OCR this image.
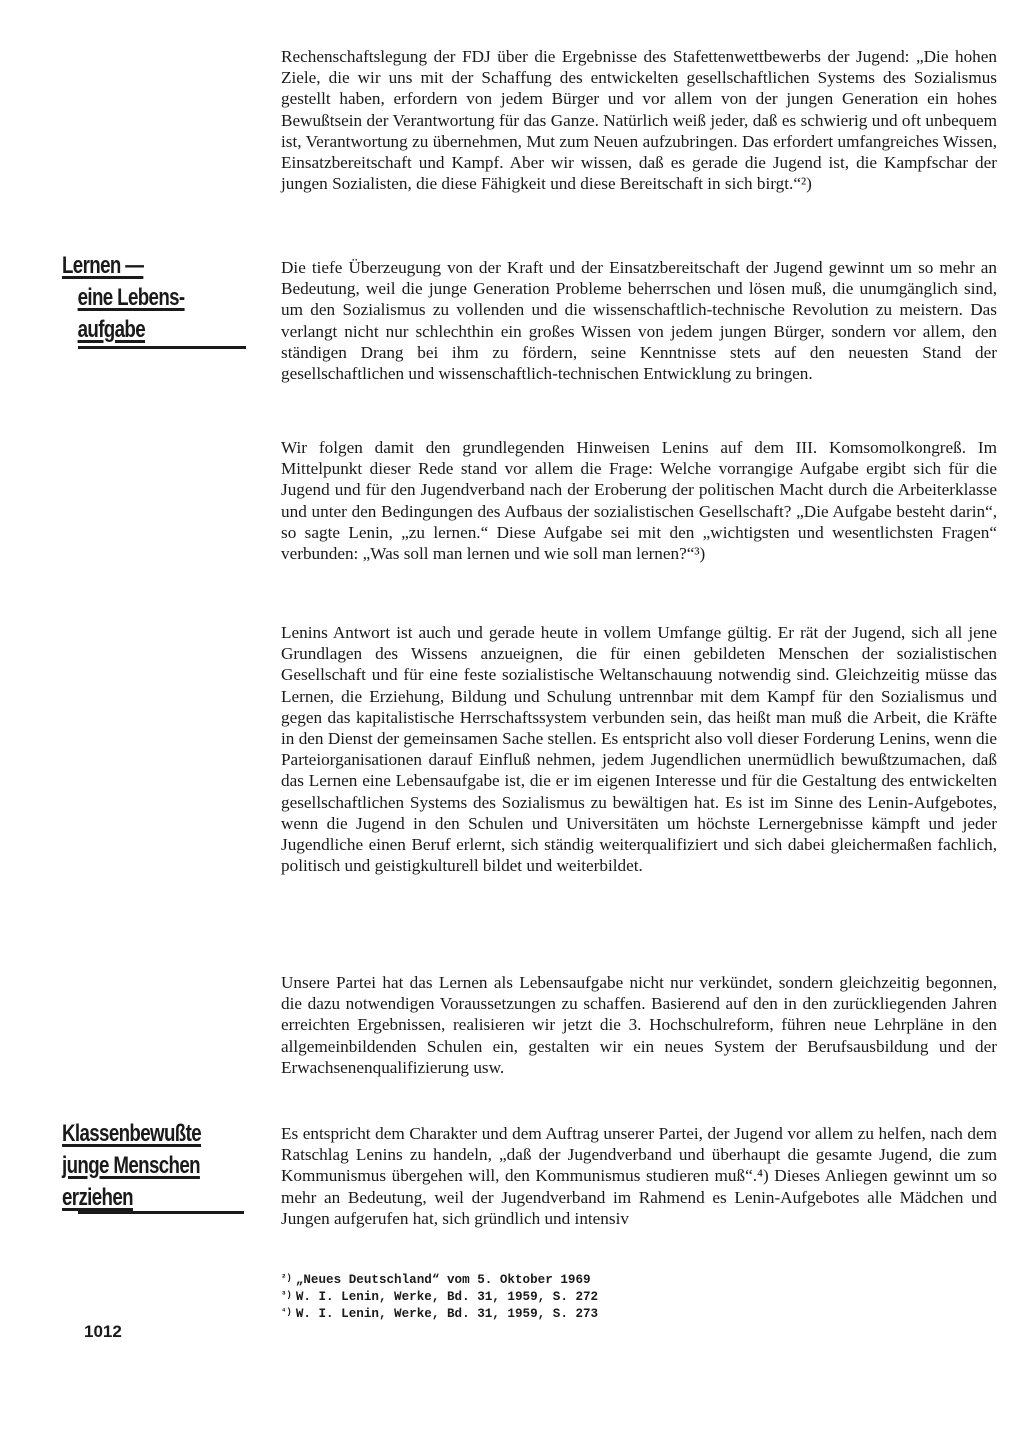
Rechenschaftslegung der FDJ über die Ergebnisse des Stafettenwettbewerbs der Jugend: „Die hohen Ziele, die wir uns mit der Schaffung des entwickelten gesellschaftlichen Systems des Sozialismus gestellt haben, erfordern von jedem Bürger und vor allem von der jungen Generation ein hohes Bewußtsein der Verantwortung für das Ganze. Natürlich weiß jeder, daß es schwierig und oft unbequem ist, Verantwortung zu übernehmen, Mut zum Neuen aufzubringen. Das erfordert umfangreiches Wissen, Einsatzbereitschaft und Kampf. Aber wir wissen, daß es gerade die Jugend ist, die Kampfschar der jungen Sozialisten, die diese Fähigkeit und diese Bereitschaft in sich birgt.“²)

Die tiefe Überzeugung von der Kraft und der Einsatzbereitschaft der Jugend gewinnt um so mehr an Bedeutung, weil die junge Generation Probleme beherrschen und lösen muß, die unumgänglich sind, um den Sozialismus zu vollenden und die wissenschaftlich-technische Revolution zu meistern. Das verlangt nicht nur schlechthin ein großes Wissen von jedem jungen Bürger, sondern vor allem, den ständigen Drang bei ihm zu fördern, seine Kenntnisse stets auf den neuesten Stand der gesellschaftlichen und wissenschaftlich-technischen Entwicklung zu bringen.

Wir folgen damit den grundlegenden Hinweisen Lenins auf dem III. Komsomolkongreß. Im Mittelpunkt dieser Rede stand vor allem die Frage: Welche vorrangige Aufgabe ergibt sich für die Jugend und für den Jugendverband nach der Eroberung der politischen Macht durch die Arbeiterklasse und unter den Bedingungen des Aufbaus der sozialistischen Gesellschaft? „Die Aufgabe besteht darin“, so sagte Lenin, „zu lernen.“ Diese Aufgabe sei mit den „wichtigsten und wesentlichsten Fragen“ verbunden: „Was soll man lernen und wie soll man lernen?“³)

Lenins Antwort ist auch und gerade heute in vollem Umfange gültig. Er rät der Jugend, sich all jene Grundlagen des Wissens anzueignen, die für einen gebildeten Menschen der sozialistischen Gesellschaft und für eine feste sozialistische Weltanschauung notwendig sind. Gleichzeitig müsse das Lernen, die Erziehung, Bildung und Schulung untrennbar mit dem Kampf für den Sozialismus und gegen das kapitalistische Herrschaftssystem verbunden sein, das heißt man muß die Arbeit, die Kräfte in den Dienst der gemeinsamen Sache stellen. Es entspricht also voll dieser Forderung Lenins, wenn die Parteiorganisationen darauf Einfluß nehmen, jedem Jugendlichen unermüdlich bewußtzumachen, daß das Lernen eine Lebensaufgabe ist, die er im eigenen Interesse und für die Gestaltung des entwickelten gesellschaftlichen Systems des Sozialismus zu bewältigen hat. Es ist im Sinne des Lenin-Aufgebotes, wenn die Jugend in den Schulen und Universitäten um höchste Lernergebnisse kämpft und jeder Jugendliche einen Beruf erlernt, sich ständig weiterqualifiziert und sich dabei gleichermaßen fachlich, politisch und geistigkulturell bildet und weiterbildet.

Unsere Partei hat das Lernen als Lebensaufgabe nicht nur verkündet, sondern gleichzeitig begonnen, die dazu notwendigen Voraussetzungen zu schaffen. Basierend auf den in den zurückliegenden Jahren erreichten Ergebnissen, realisieren wir jetzt die 3. Hochschulreform, führen neue Lehrpläne in den allgemeinbildenden Schulen ein, gestalten wir ein neues System der Berufsausbildung und der Erwachsenenqualifizierung usw.

Es entspricht dem Charakter und dem Auftrag unserer Partei, der Jugend vor allem zu helfen, nach dem Ratschlag Lenins zu handeln, „daß der Jugendverband und überhaupt die gesamte Jugend, die zum Kommunismus übergehen will, den Kommunismus studieren muß“.⁴) Dieses Anliegen gewinnt um so mehr an Bedeutung, weil der Jugendverband im Rahmend es Lenin-Aufgebotes alle Mädchen und Jungen aufgerufen hat, sich gründlich und intensiv

Lernen —
eine Lebens-
aufgabe
Klassenbewußte
junge Menschen
erziehen
$^{^2)}$ „Neues Deutschland“ vom 5. Oktober 1969
$^{^3)}$ W. I. Lenin, Werke, Bd. 31, 1959, S. 272
$^{^4)}$ W. I. Lenin, Werke, Bd. 31, 1959, S. 273
1012
